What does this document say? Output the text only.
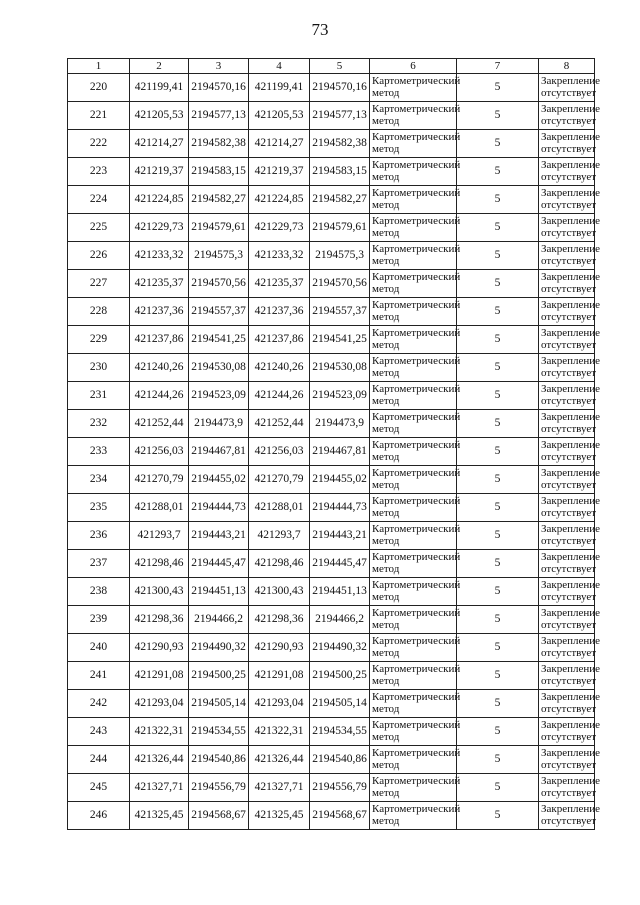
73
1	2	3	4	5	6	7	8
220	421199,41	2194570,16	421199,41	2194570,16	Картометрический метод	5	Закрепление отсутствует
221	421205,53	2194577,13	421205,53	2194577,13	Картометрический метод	5	Закрепление отсутствует
222	421214,27	2194582,38	421214,27	2194582,38	Картометрический метод	5	Закрепление отсутствует
223	421219,37	2194583,15	421219,37	2194583,15	Картометрический метод	5	Закрепление отсутствует
224	421224,85	2194582,27	421224,85	2194582,27	Картометрический метод	5	Закрепление отсутствует
225	421229,73	2194579,61	421229,73	2194579,61	Картометрический метод	5	Закрепление отсутствует
226	421233,32	2194575,3	421233,32	2194575,3	Картометрический метод	5	Закрепление отсутствует
227	421235,37	2194570,56	421235,37	2194570,56	Картометрический метод	5	Закрепление отсутствует
228	421237,36	2194557,37	421237,36	2194557,37	Картометрический метод	5	Закрепление отсутствует
229	421237,86	2194541,25	421237,86	2194541,25	Картометрический метод	5	Закрепление отсутствует
230	421240,26	2194530,08	421240,26	2194530,08	Картометрический метод	5	Закрепление отсутствует
231	421244,26	2194523,09	421244,26	2194523,09	Картометрический метод	5	Закрепление отсутствует
232	421252,44	2194473,9	421252,44	2194473,9	Картометрический метод	5	Закрепление отсутствует
233	421256,03	2194467,81	421256,03	2194467,81	Картометрический метод	5	Закрепление отсутствует
234	421270,79	2194455,02	421270,79	2194455,02	Картометрический метод	5	Закрепление отсутствует
235	421288,01	2194444,73	421288,01	2194444,73	Картометрический метод	5	Закрепление отсутствует
236	421293,7	2194443,21	421293,7	2194443,21	Картометрический метод	5	Закрепление отсутствует
237	421298,46	2194445,47	421298,46	2194445,47	Картометрический метод	5	Закрепление отсутствует
238	421300,43	2194451,13	421300,43	2194451,13	Картометрический метод	5	Закрепление отсутствует
239	421298,36	2194466,2	421298,36	2194466,2	Картометрический метод	5	Закрепление отсутствует
240	421290,93	2194490,32	421290,93	2194490,32	Картометрический метод	5	Закрепление отсутствует
241	421291,08	2194500,25	421291,08	2194500,25	Картометрический метод	5	Закрепление отсутствует
242	421293,04	2194505,14	421293,04	2194505,14	Картометрический метод	5	Закрепление отсутствует
243	421322,31	2194534,55	421322,31	2194534,55	Картометрический метод	5	Закрепление отсутствует
244	421326,44	2194540,86	421326,44	2194540,86	Картометрический метод	5	Закрепление отсутствует
245	421327,71	2194556,79	421327,71	2194556,79	Картометрический метод	5	Закрепление отсутствует
246	421325,45	2194568,67	421325,45	2194568,67	Картометрический метод	5	Закрепление отсутствует
